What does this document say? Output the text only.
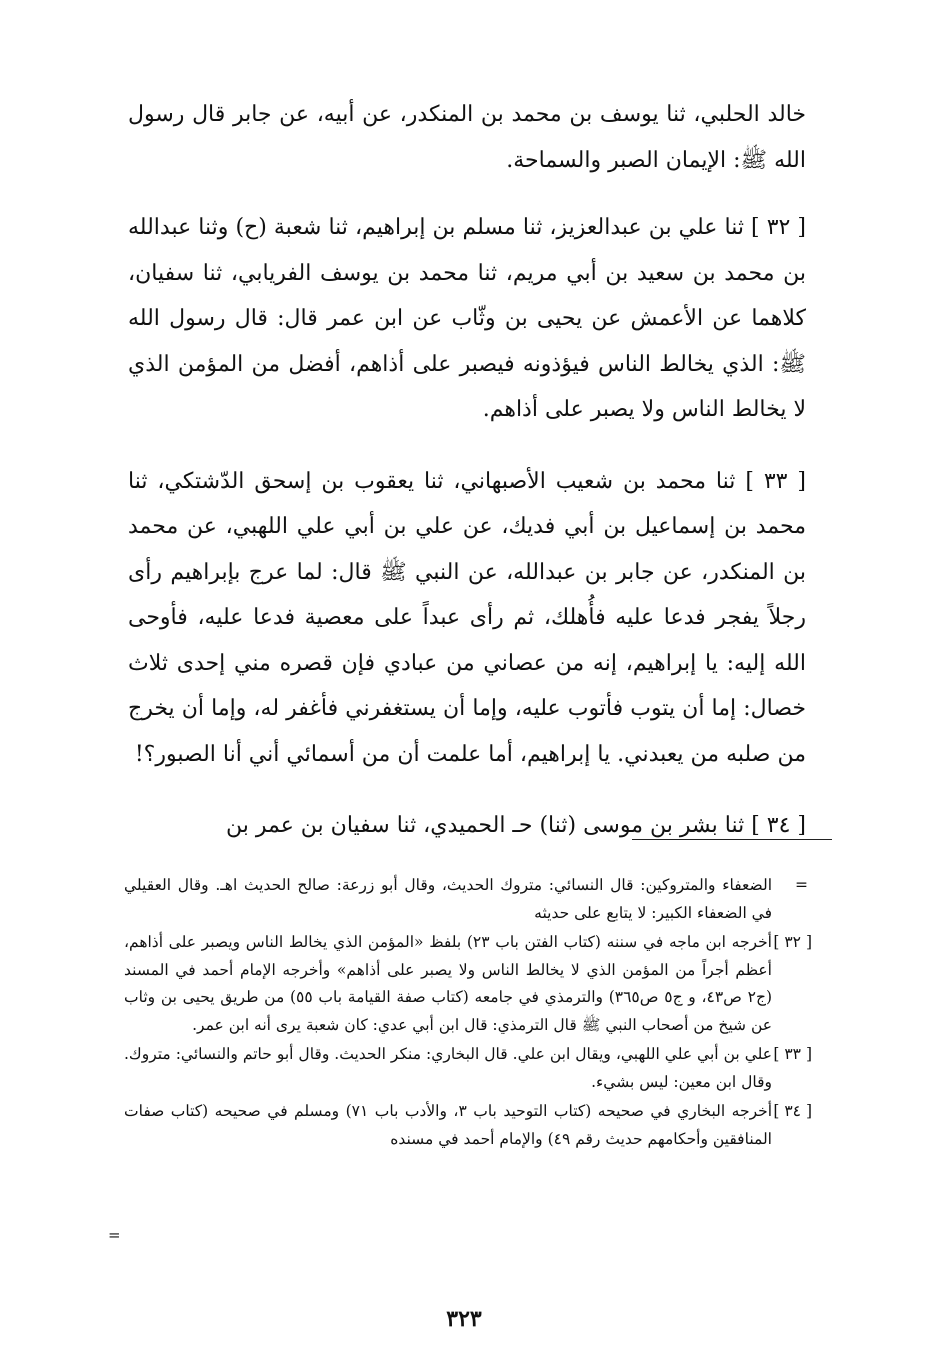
خالد الحلبي، ثنا يوسف بن محمد بن المنكدر، عن أبيه، عن جابر قال رسول الله ﷺ: الإيمان الصبر والسماحة.

[ ٣٢ ] ثنا علي بن عبدالعزيز، ثنا مسلم بن إبراهيم، ثنا شعبة (ح) وثنا عبدالله بن محمد بن سعيد بن أبي مريم، ثنا محمد بن يوسف الفريابي، ثنا سفيان، كلاهما عن الأعمش عن يحيى بن وثّاب عن ابن عمر قال: قال رسول الله ﷺ: الذي يخالط الناس فيؤذونه فيصبر على أذاهم، أفضل من المؤمن الذي لا يخالط الناس ولا يصبر على أذاهم.

[ ٣٣ ] ثنا محمد بن شعيب الأصبهاني، ثنا يعقوب بن إسحق الدّشتكي، ثنا محمد بن إسماعيل بن أبي فديك، عن علي بن أبي علي اللهبي، عن محمد بن المنكدر، عن جابر بن عبدالله، عن النبي ﷺ قال: لما عرج بإبراهيم رأى رجلاً يفجر فدعا عليه فأُهلك، ثم رأى عبداً على معصية فدعا عليه، فأوحى الله إليه: يا إبراهيم، إنه من عصاني من عبادي فإن قصره مني إحدى ثلاث خصال: إما أن يتوب فأتوب عليه، وإما أن يستغفرني فأغفر له، وإما أن يخرج من صلبه من يعبدني. يا إبراهيم، أما علمت أن من أسمائي أني أنا الصبور؟!

[ ٣٤ ] ثنا بشر بن موسى (ثنا) حـ الحميدي، ثنا سفيان بن عمر بن

=
الضعفاء والمتروكين: قال النسائي: متروك الحديث، وقال أبو زرعة: صالح الحديث اهـ. وقال العقيلي في الضعفاء الكبير: لا يتابع على حديثه
[ ٣٢ ]
أخرجه ابن ماجه في سننه (كتاب الفتن باب ٢٣) بلفظ «المؤمن الذي يخالط الناس ويصبر على أذاهم، أعظم أجراً من المؤمن الذي لا يخالط الناس ولا يصبر على أذاهم» وأخرجه الإمام أحمد في المسند (ج٢ ص٤٣، و ج٥ ص٣٦٥) والترمذي في جامعه (كتاب صفة القيامة باب ٥٥) من طريق يحيى بن وثاب عن شيخ من أصحاب النبي ﷺ قال الترمذي: قال ابن أبي عدي: كان شعبة يرى أنه ابن عمر.
[ ٣٣ ]
علي بن أبي علي اللهبي، ويقال ابن علي. قال البخاري: منكر الحديث. وقال أبو حاتم والنسائي: متروك. وقال ابن معين: ليس بشيء.
[ ٣٤ ]
أخرجه البخاري في صحيحه (كتاب التوحيد باب ٣، والأدب باب ٧١) ومسلم في صحيحه (كتاب صفات المنافقين وأحكامهم حديث رقم ٤٩) والإمام أحمد في مسنده
=
٣٢٣
